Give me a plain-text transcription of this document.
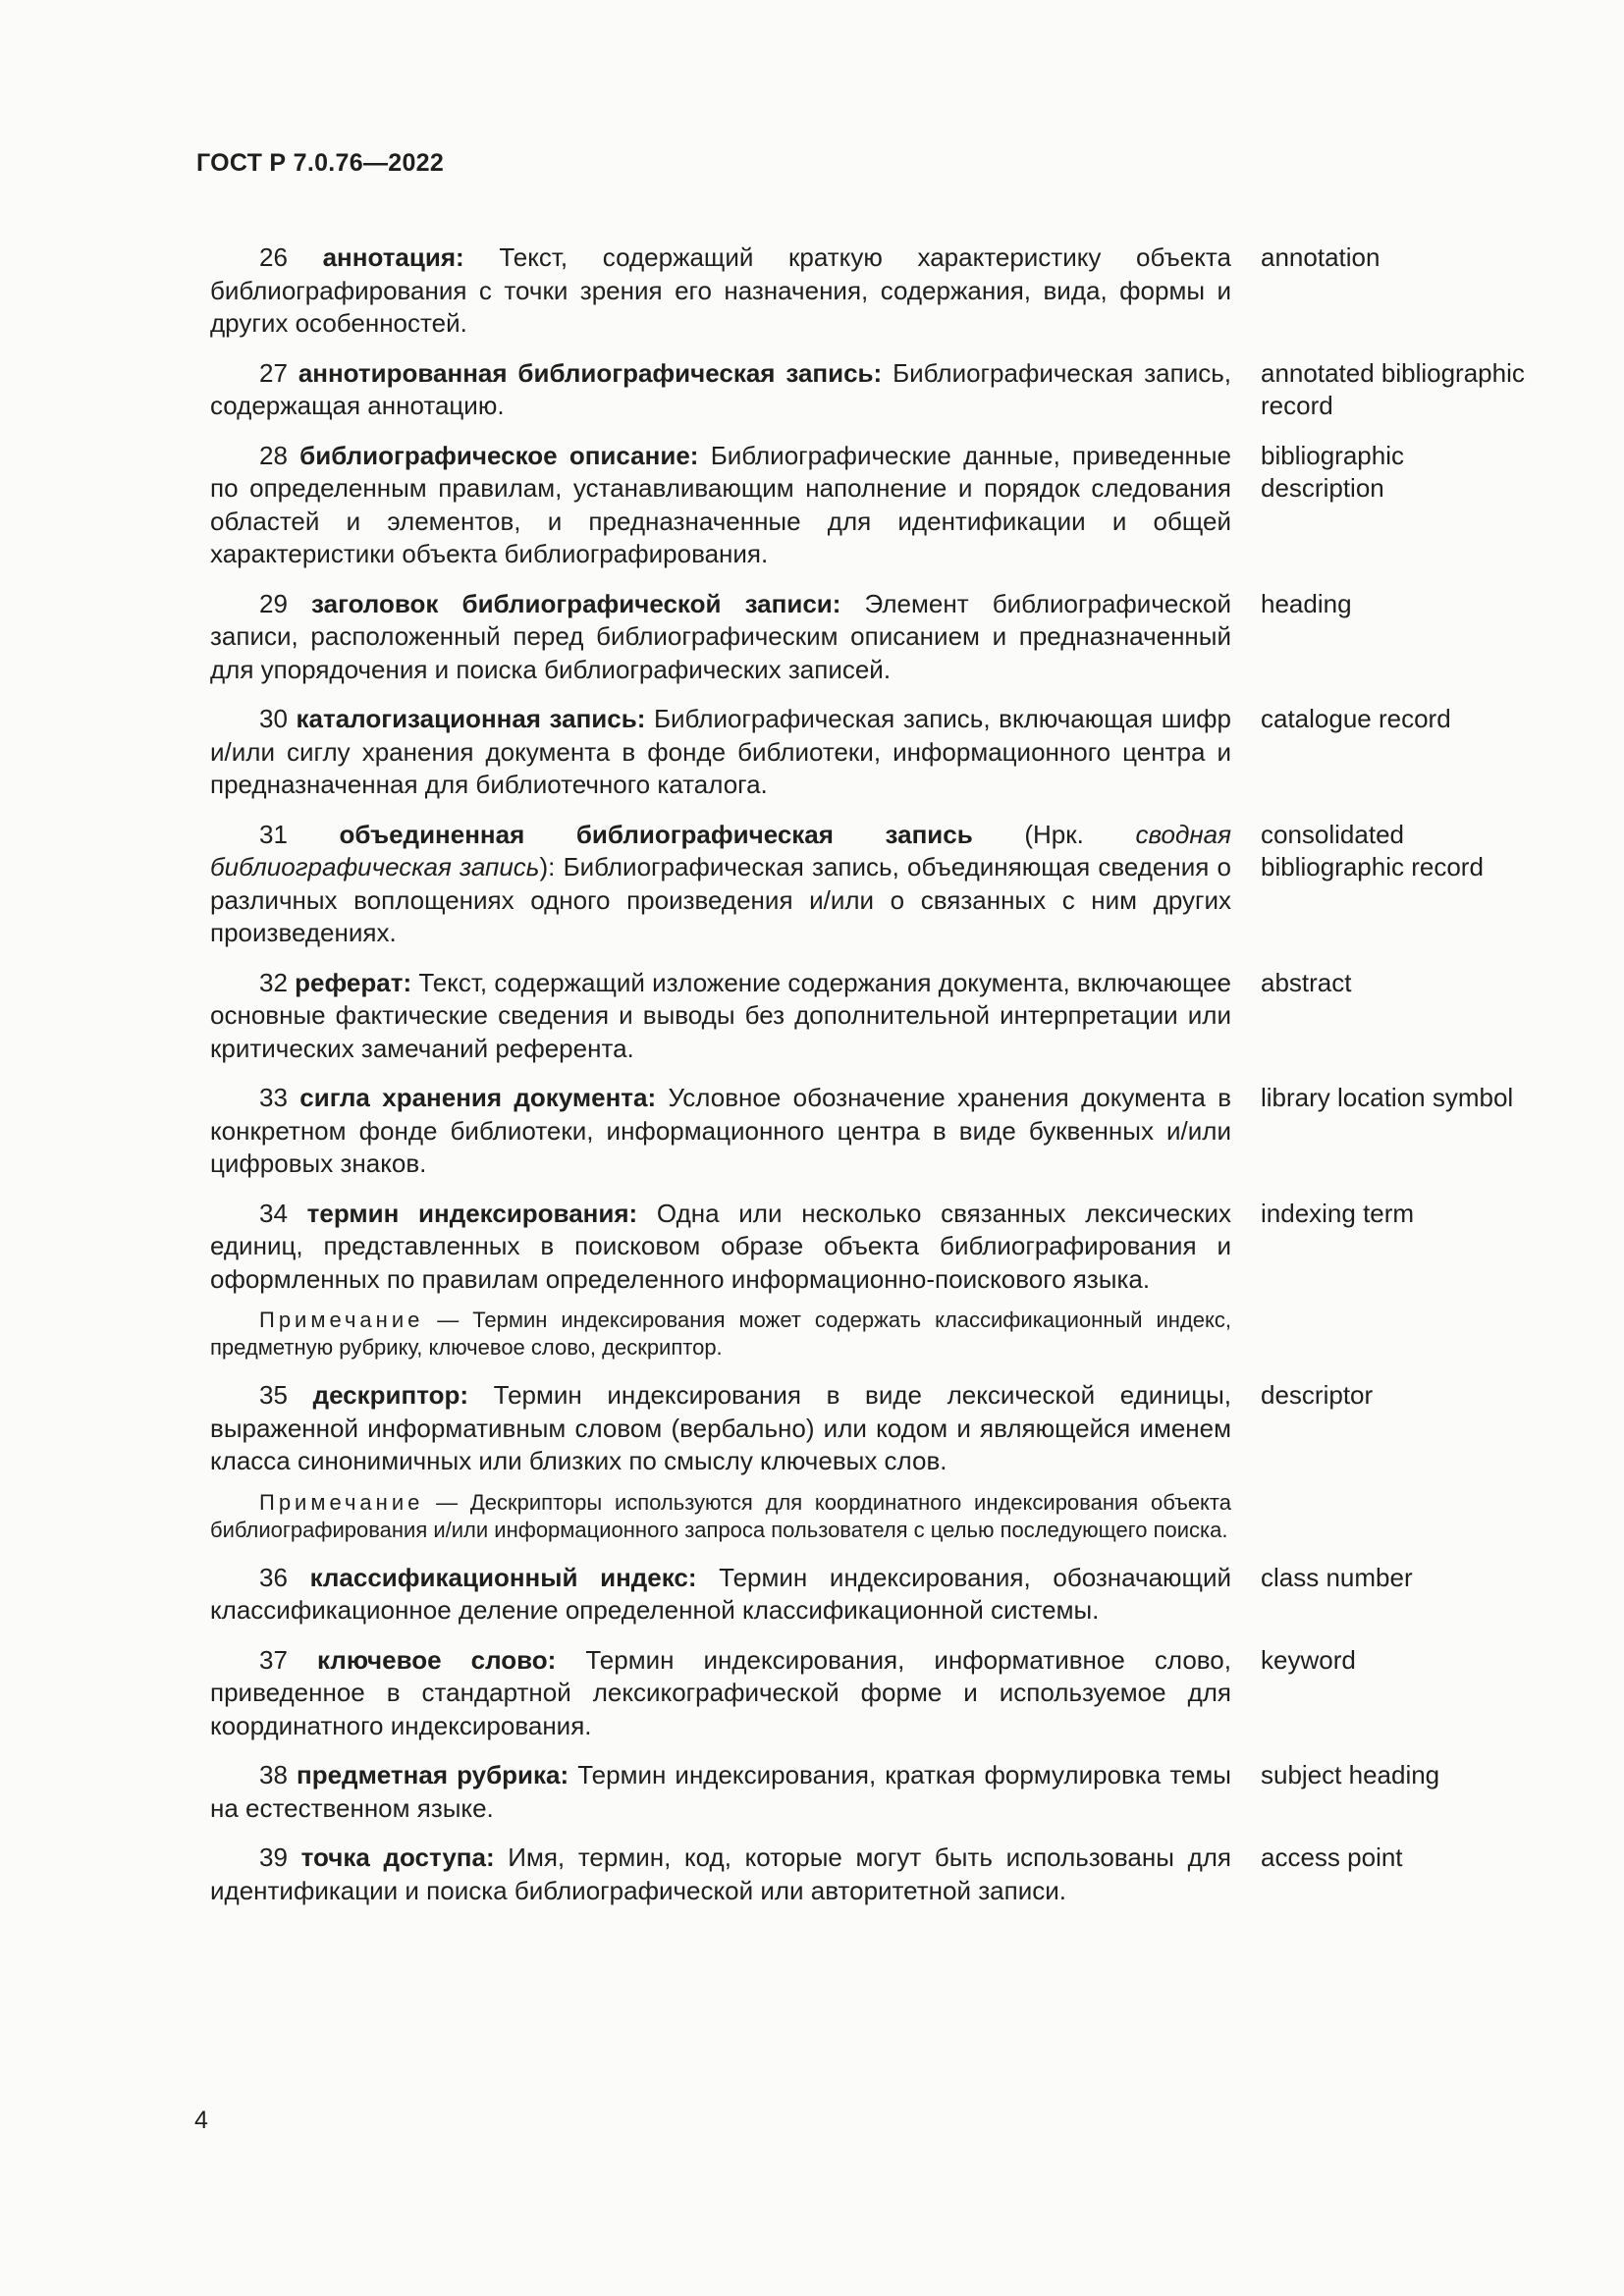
ГОСТ Р 7.0.76—2022

26 аннотация: Текст, содержащий краткую характеристику объекта библиографирования с точки зрения его назначения, содержания, вида, формы и других особенностей.

annotation

27 аннотированная библиографическая запись: Библиографическая запись, содержащая аннотацию.

annotated bibliographic record

28 библиографическое описание: Библиографические данные, приведенные по определенным правилам, устанавливающим наполнение и порядок следования областей и элементов, и предназначенные для идентификации и общей характеристики объекта библиографирования.

bibliographic description

29 заголовок библиографической записи: Элемент библиографической записи, расположенный перед библиографическим описанием и предназначенный для упорядочения и поиска библиографических записей.

heading

30 каталогизационная запись: Библиографическая запись, включающая шифр и/или сиглу хранения документа в фонде библиотеки, информационного центра и предназначенная для библиотечного каталога.

catalogue record

31 объединенная библиографическая запись (Нрк. сводная библиографическая запись): Библиографическая запись, объединяющая сведения о различных воплощениях одного произведения и/или о связанных с ним других произведениях.

consolidated bibliographic record

32 реферат: Текст, содержащий изложение содержания документа, включающее основные фактические сведения и выводы без дополнительной интерпретации или критических замечаний референта.

abstract

33 сигла хранения документа: Условное обозначение хранения документа в конкретном фонде библиотеки, информационного центра в виде буквенных и/или цифровых знаков.

library location symbol

34 термин индексирования: Одна или несколько связанных лексических единиц, представленных в поисковом образе объекта библиографирования и оформленных по правилам определенного информационно-поискового языка.

indexing term

Примечание — Термин индексирования может содержать классификационный индекс, предметную рубрику, ключевое слово, дескриптор.

35 дескриптор: Термин индексирования в виде лексической единицы, выраженной информативным словом (вербально) или кодом и являющейся именем класса синонимичных или близких по смыслу ключевых слов.

descriptor

Примечание — Дескрипторы используются для координатного индексирования объекта библиографирования и/или информационного запроса пользователя с целью последующего поиска.

36 классификационный индекс: Термин индексирования, обозначающий классификационное деление определенной классификационной системы.

class number

37 ключевое слово: Термин индексирования, информативное слово, приведенное в стандартной лексикографической форме и используемое для координатного индексирования.

keyword

38 предметная рубрика: Термин индексирования, краткая формулировка темы на естественном языке.

subject heading

39 точка доступа: Имя, термин, код, которые могут быть использованы для идентификации и поиска библиографической или авторитетной записи.

access point
4
